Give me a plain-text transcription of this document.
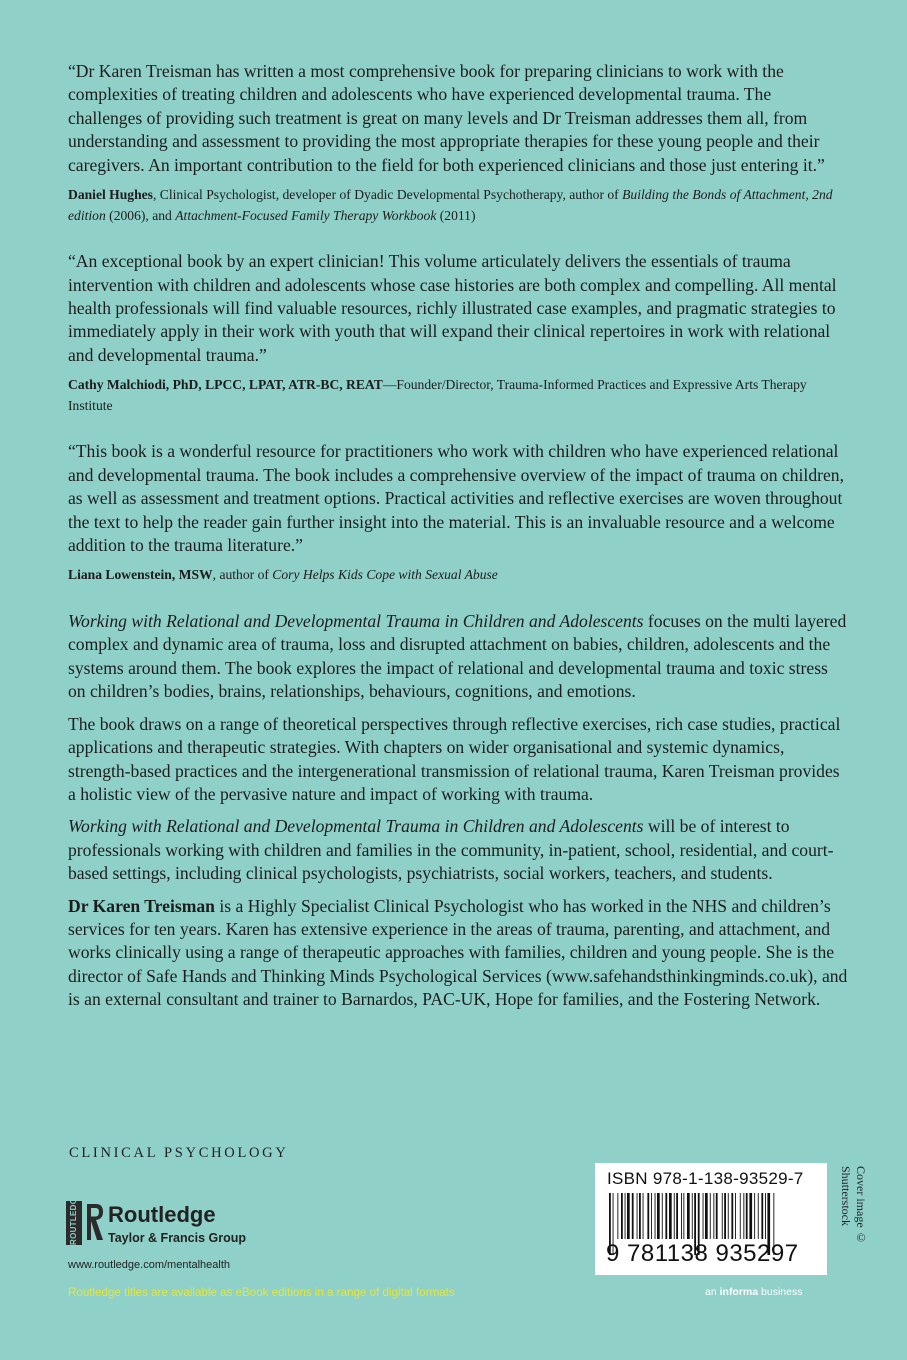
“Dr Karen Treisman has written a most comprehensive book for preparing clinicians to work with the complexities of treating children and adolescents who have experienced developmental trauma. The challenges of providing such treatment is great on many levels and Dr Treisman addresses them all, from understanding and assessment to providing the most appropriate therapies for these young people and their caregivers. An important contribution to the field for both experienced clinicians and those just entering it.”

Daniel Hughes, Clinical Psychologist, developer of Dyadic Developmental Psychotherapy, author of Building the Bonds of Attachment, 2nd edition (2006), and Attachment-Focused Family Therapy Workbook (2011)

“An exceptional book by an expert clinician! This volume articulately delivers the essentials of trauma intervention with children and adolescents whose case histories are both complex and compelling. All mental health professionals will find valuable resources, richly illustrated case examples, and pragmatic strategies to immediately apply in their work with youth that will expand their clinical repertoires in work with relational and developmental trauma.”

Cathy Malchiodi, PhD, LPCC, LPAT, ATR-BC, REAT—Founder/Director, Trauma-Informed Practices and Expressive Arts Therapy Institute

“This book is a wonderful resource for practitioners who work with children who have experienced relational and developmental trauma. The book includes a comprehensive overview of the impact of trauma on children, as well as assessment and treatment options. Practical activities and reflective exercises are woven throughout the text to help the reader gain further insight into the material. This is an invaluable resource and a welcome addition to the trauma literature.”

Liana Lowenstein, MSW, author of Cory Helps Kids Cope with Sexual Abuse

Working with Relational and Developmental Trauma in Children and Adolescents focuses on the multi layered complex and dynamic area of trauma, loss and disrupted attachment on babies, children, adolescents and the systems around them. The book explores the impact of relational and developmental trauma and toxic stress on children’s bodies, brains, relationships, behaviours, cognitions, and emotions.

The book draws on a range of theoretical perspectives through reflective exercises, rich case studies, practical applications and therapeutic strategies. With chapters on wider organisational and systemic dynamics, strength-based practices and the intergenerational transmission of relational trauma, Karen Treisman provides a holistic view of the pervasive nature and impact of working with trauma.

Working with Relational and Developmental Trauma in Children and Adolescents will be of interest to professionals working with children and families in the community, in-patient, school, residential, and court-based settings, including clinical psychologists, psychiatrists, social workers, teachers, and students.

Dr Karen Treisman is a Highly Specialist Clinical Psychologist who has worked in the NHS and children’s services for ten years. Karen has extensive experience in the areas of trauma, parenting, and attachment, and works clinically using a range of therapeutic approaches with families, children and young people. She is the director of Safe Hands and Thinking Minds Psychological Services (www.safehandsthinkingminds.co.uk), and is an external consultant and trainer to Barnardos, PAC-UK, Hope for families, and the Fostering Network.

CLINICAL PSYCHOLOGY
ROUTLEDGE Routledge
Taylor & Francis Group
www.routledge.com/mentalhealth
Routledge titles are available as eBook editions in a range of digital formats
ISBN 978-1-138-93529-7
9 781138 935297
an informa business
Cover image © Shutterstock
